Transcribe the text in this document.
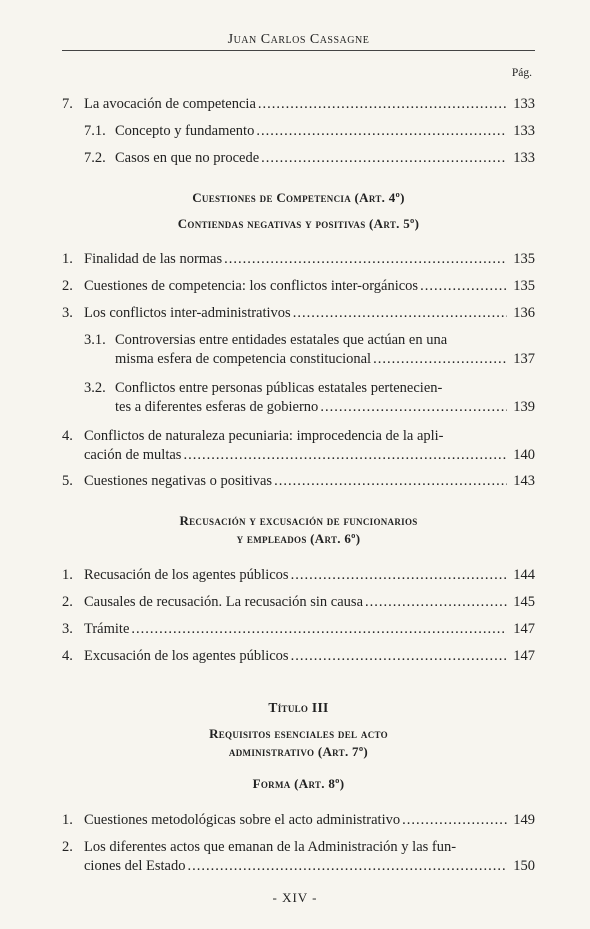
Juan Carlos Cassagne
Pág.
7. La avocación de competencia .....	133
7.1. Concepto y fundamento .....	133
7.2. Casos en que no procede .....	133
Cuestiones de Competencia (Art. 4º)
Contiendas negativas y positivas (Art. 5º)
1. Finalidad de las normas .....	135
2. Cuestiones de competencia: los conflictos inter-orgánicos .....	135
3. Los conflictos inter-administrativos .....	136
3.1. Controversias entre entidades estatales que actúan en una
misma esfera de competencia constitucional .....	137
3.2. Conflictos entre personas públicas estatales pertenecien-
tes a diferentes esferas de gobierno .....	139
4. Conflictos de naturaleza pecuniaria: improcedencia de la apli-
cación de multas .....	140
5. Cuestiones negativas o positivas .....	143
Recusación y excusación de funcionarios
y empleados (Art. 6º)
1. Recusación de los agentes públicos .....	144
2. Causales de recusación. La recusación sin causa .....	145
3. Trámite .....	147
4. Excusación de los agentes públicos .....	147
Título III
Requisitos esenciales del acto
administrativo (Art. 7º)
Forma (Art. 8º)
1. Cuestiones metodológicas sobre el acto administrativo .....	149
2. Los diferentes actos que emanan de la Administración y las fun-
ciones del Estado .....	150
- XIV -
